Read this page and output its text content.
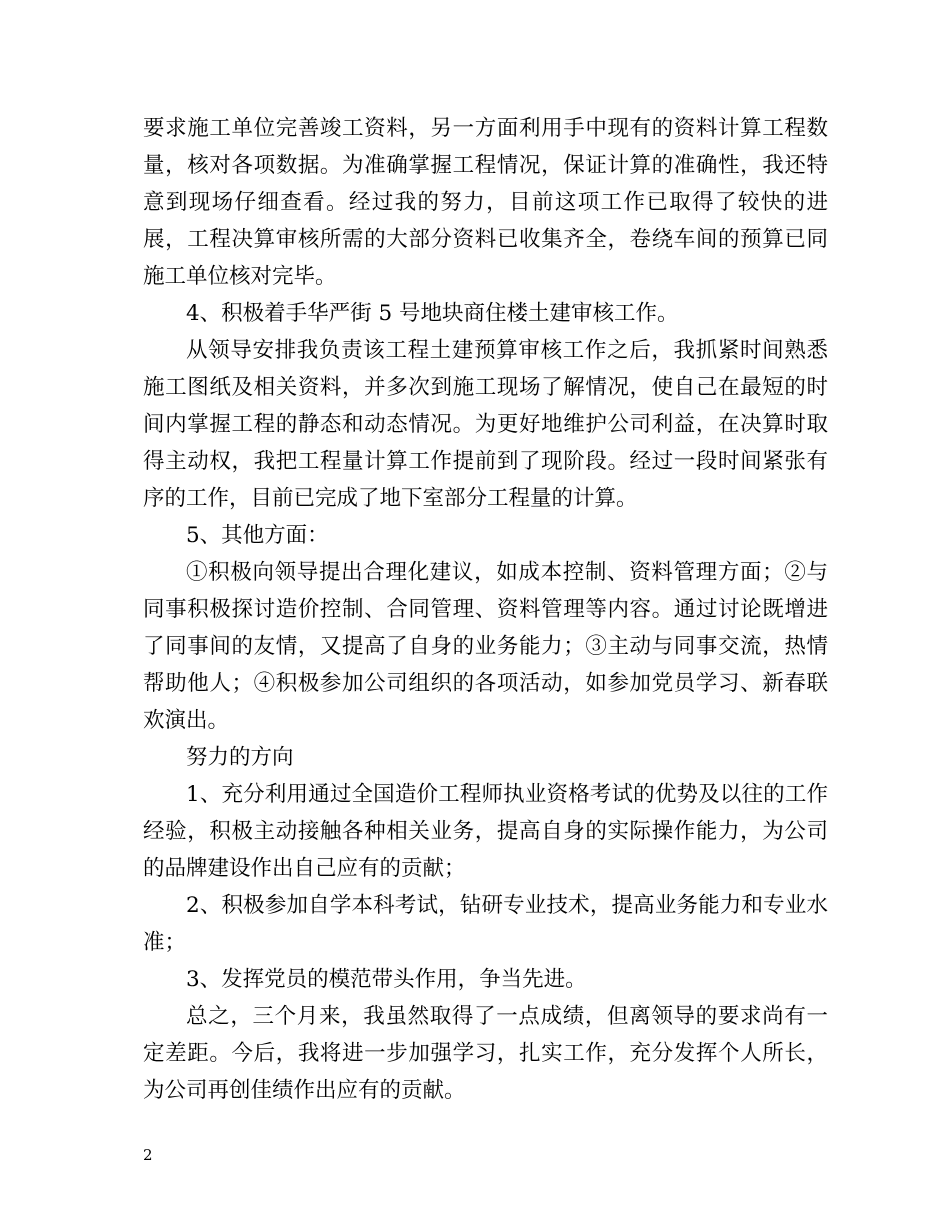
要求施工单位完善竣工资料，另一方面利用手中现有的资料计算工程数量，核对各项数据。为准确掌握工程情况，保证计算的准确性，我还特意到现场仔细查看。经过我的努力，目前这项工作已取得了较快的进展，工程决算审核所需的大部分资料已收集齐全，卷绕车间的预算已同施工单位核对完毕。

4、积极着手华严街 5 号地块商住楼土建审核工作。

从领导安排我负责该工程土建预算审核工作之后，我抓紧时间熟悉施工图纸及相关资料，并多次到施工现场了解情况，使自己在最短的时间内掌握工程的静态和动态情况。为更好地维护公司利益，在决算时取得主动权，我把工程量计算工作提前到了现阶段。经过一段时间紧张有序的工作，目前已完成了地下室部分工程量的计算。

5、其他方面：

①积极向领导提出合理化建议，如成本控制、资料管理方面；②与同事积极探讨造价控制、合同管理、资料管理等内容。通过讨论既增进了同事间的友情，又提高了自身的业务能力；③主动与同事交流，热情帮助他人；④积极参加公司组织的各项活动，如参加党员学习、新春联欢演出。

努力的方向

1、充分利用通过全国造价工程师执业资格考试的优势及以往的工作经验，积极主动接触各种相关业务，提高自身的实际操作能力，为公司的品牌建设作出自己应有的贡献；

2、积极参加自学本科考试，钻研专业技术，提高业务能力和专业水准；

3、发挥党员的模范带头作用，争当先进。

总之，三个月来，我虽然取得了一点成绩，但离领导的要求尚有一定差距。今后，我将进一步加强学习，扎实工作，充分发挥个人所长，为公司再创佳绩作出应有的贡献。

2
